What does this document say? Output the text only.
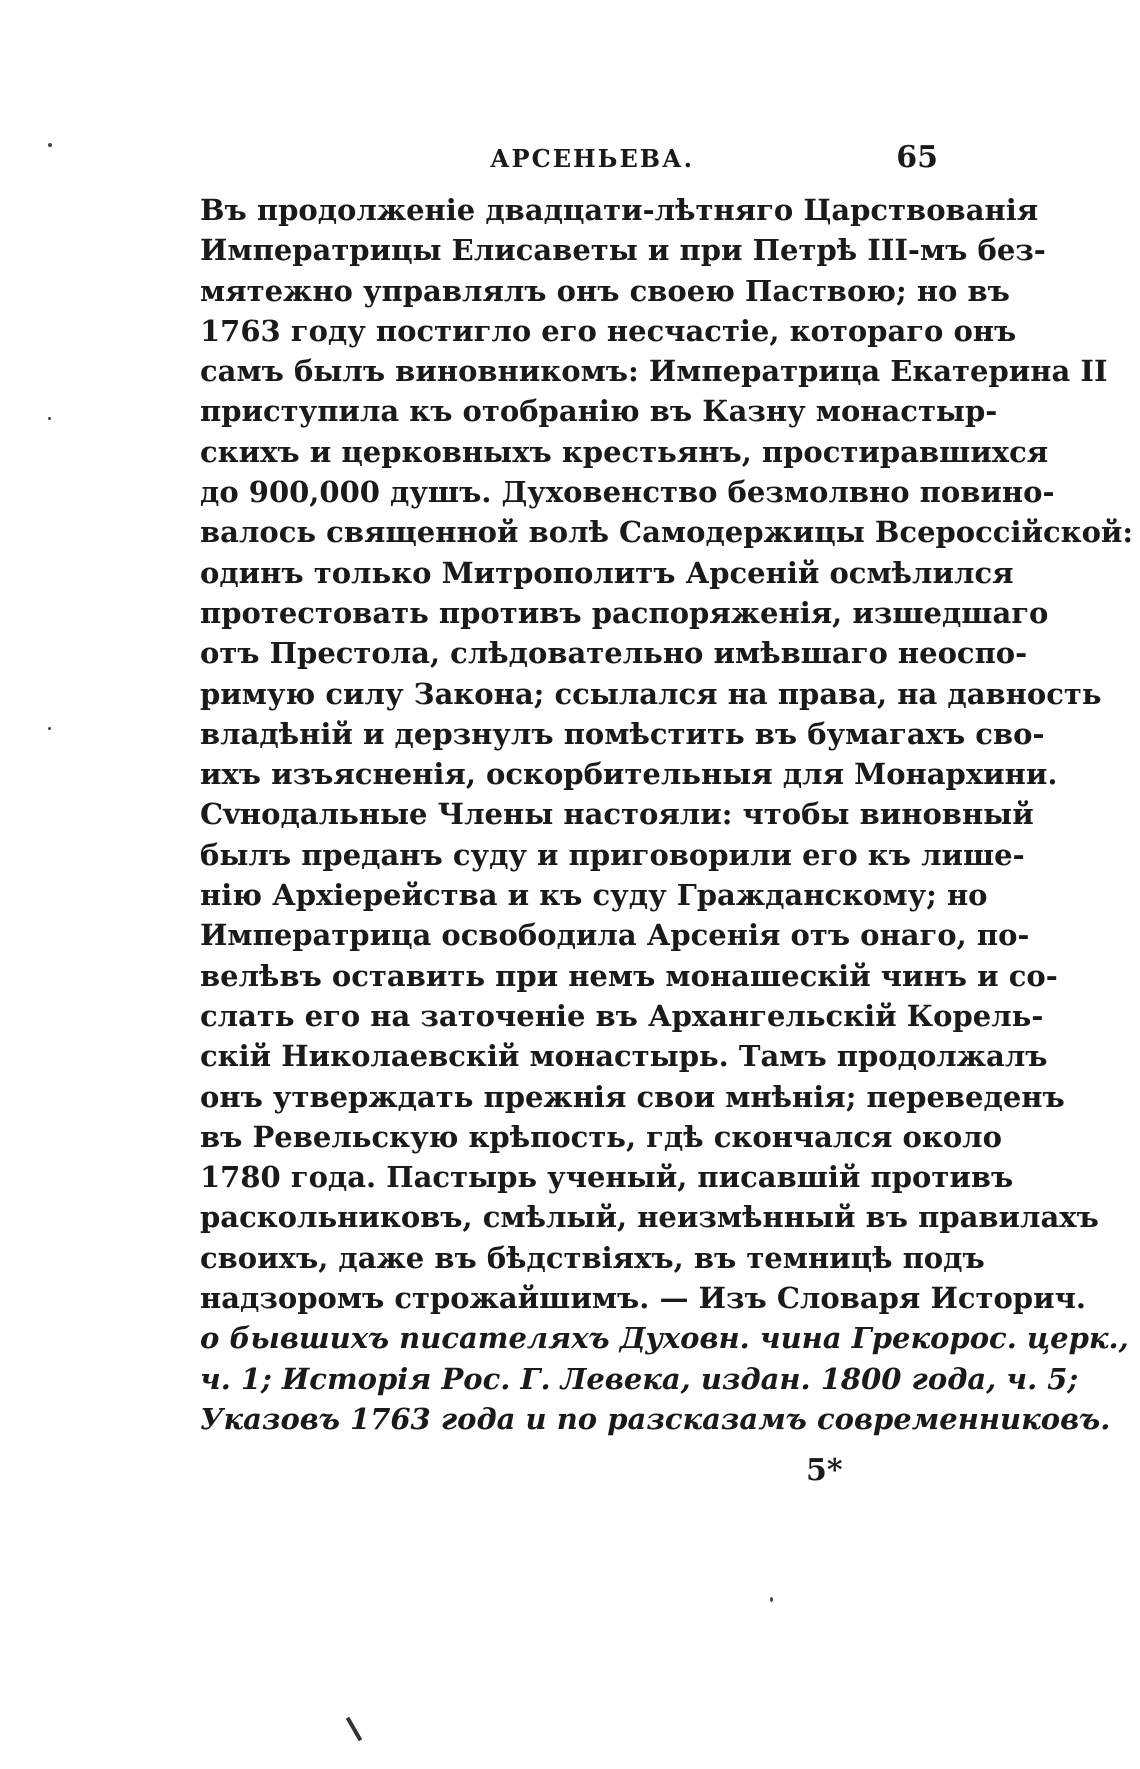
АРСЕНЬЕВА.	65
Въ продолженіе двадцати-лѣтняго Царствованія
Императрицы Елисаветы и при Петрѣ III-мъ без-
мятежно управлялъ онъ своею Паствою; но въ
1763 году постигло его несчастіе, котораго онъ
самъ былъ виновникомъ: Императрица Екатерина II
приступила къ отобранію въ Казну монастыр-
скихъ и церковныхъ крестьянъ, простиравшихся
до 900,000 душъ. Духовенство безмолвно повино-
валось священной волѣ Самодержицы Всероссійской:
одинъ только Митрополитъ Арсеній осмѣлился
протестовать противъ распоряженія, изшедшаго
отъ Престола, слѣдовательно имѣвшаго неоспо-
римую силу Закона; ссылался на права, на давность
владѣній и дерзнулъ помѣстить въ бумагахъ сво-
ихъ изъясненія, оскорбительныя для Монархини.
Сvнодальные Члены настояли: чтобы виновный
былъ преданъ суду и приговорили его къ лише-
нію Архіерейства и къ суду Гражданскому; но
Императрица освободила Арсенія отъ онаго, по-
велѣвъ оставить при немъ монашескій чинъ и со-
слать его на заточеніе въ Архангельскій Корель-
скій Николаевскій монастырь. Тамъ продолжалъ
онъ утверждать прежнія свои мнѣнія; переведенъ
въ Ревельскую крѣпость, гдѣ скончался около
1780 года. Пастырь ученый, писавшій противъ
раскольниковъ, смѣлый, неизмѣнный въ правилахъ
своихъ, даже въ бѣдствіяхъ, въ темницѣ подъ
надзоромъ строжайшимъ. — Изъ Словаря Историч.
о бывшихъ писателяхъ Духовн. чина Грекорос. церк.,
ч. 1; Исторія Рос. Г. Левека, издан. 1800 года, ч. 5;
Указовъ 1763 года и по разсказамъ современниковъ.
5*
